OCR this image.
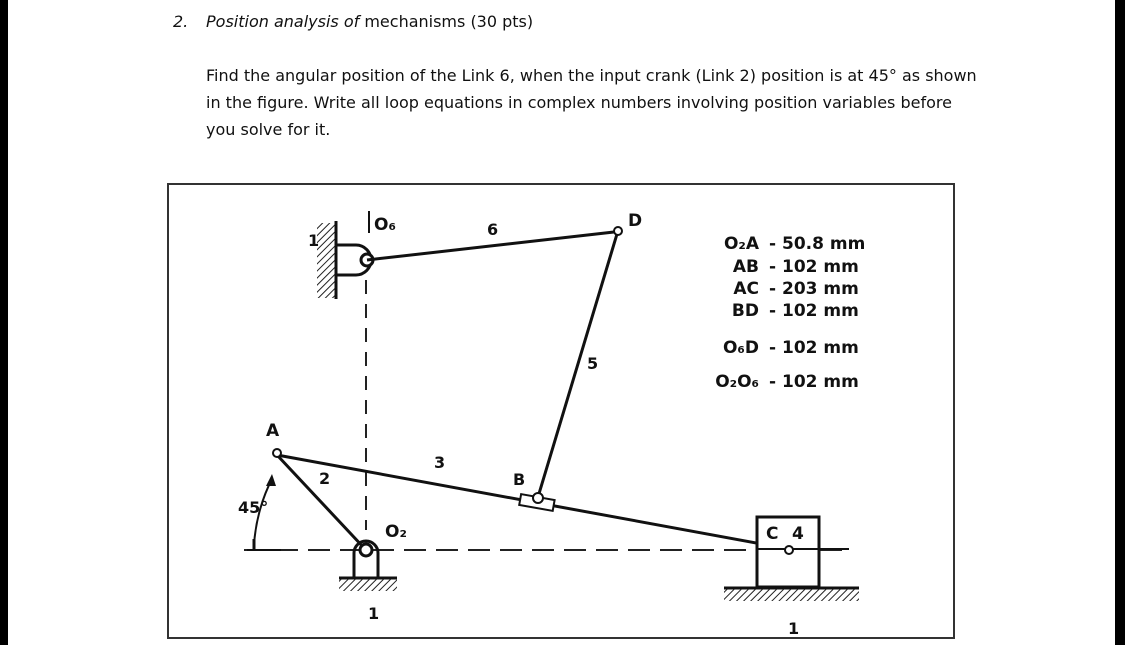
2. Position analysis of mechanisms (30 pts)
Find the angular position of the Link 6, when the input crank (Link 2) position is at 45° as shown
in the figure. Write all loop equations in complex numbers involving position variables before
you solve for it.
1
O₆	6	D
5
A
2
3
B
45°
O₂
1
C 4
1
O₂A - 50.8 mm
AB - 102 mm
AC - 203 mm
BD - 102 mm
O₆D - 102 mm
O₂O₆ - 102 mm
